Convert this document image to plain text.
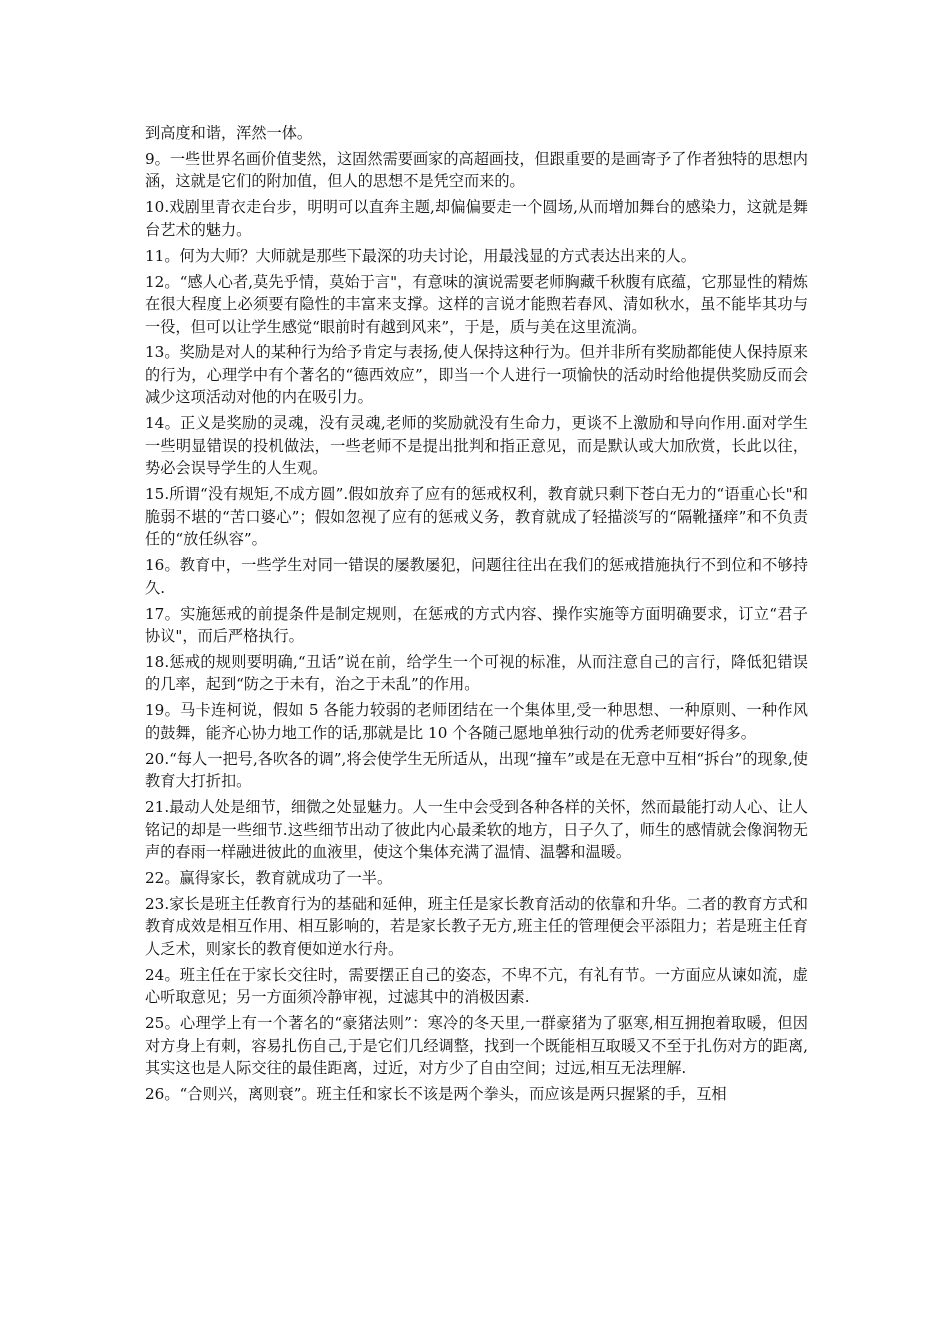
到高度和谐，浑然一体。

9。一些世界名画价值斐然，这固然需要画家的高超画技，但跟重要的是画寄予了作者独特的思想内涵，这就是它们的附加值，但人的思想不是凭空而来的。

10.戏剧里青衣走台步，明明可以直奔主题,却偏偏要走一个圆场,从而增加舞台的感染力，这就是舞台艺术的魅力。

11。何为大师？大师就是那些下最深的功夫讨论，用最浅显的方式表达出来的人。

12。“感人心者,莫先乎情，莫始于言"，有意味的演说需要老师胸藏千秋腹有底蕴，它那显性的精炼在很大程度上必须要有隐性的丰富来支撑。这样的言说才能煦若春风、清如秋水，虽不能毕其功与一役，但可以让学生感觉“眼前时有越到风来”，于是，质与美在这里流淌。

13。奖励是对人的某种行为给予肯定与表扬,使人保持这种行为。但并非所有奖励都能使人保持原来的行为，心理学中有个著名的“德西效应”，即当一个人进行一项愉快的活动时给他提供奖励反而会减少这项活动对他的内在吸引力。

14。正义是奖励的灵魂，没有灵魂,老师的奖励就没有生命力，更谈不上激励和导向作用.面对学生一些明显错误的投机做法，一些老师不是提出批判和指正意见，而是默认或大加欣赏，长此以往，势必会误导学生的人生观。

15.所谓“没有规矩,不成方圆”.假如放弃了应有的惩戒权利，教育就只剩下苍白无力的“语重心长"和脆弱不堪的“苦口婆心”；假如忽视了应有的惩戒义务，教育就成了轻描淡写的“隔靴搔痒”和不负责任的“放任纵容”。

16。教育中，一些学生对同一错误的屡教屡犯，问题往往出在我们的惩戒措施执行不到位和不够持久.

17。实施惩戒的前提条件是制定规则，在惩戒的方式内容、操作实施等方面明确要求，订立“君子协议"，而后严格执行。

18.惩戒的规则要明确,“丑话”说在前，给学生一个可视的标准，从而注意自己的言行，降低犯错误的几率，起到“防之于未有，治之于未乱”的作用。

19。马卡连柯说，假如 5 各能力较弱的老师团结在一个集体里,受一种思想、一种原则、一种作风的鼓舞，能齐心协力地工作的话,那就是比 10 个各随己愿地单独行动的优秀老师要好得多。

20.“每人一把号,各吹各的调”,将会使学生无所适从，出现“撞车”或是在无意中互相“拆台”的现象,使教育大打折扣。

21.最动人处是细节，细微之处显魅力。人一生中会受到各种各样的关怀，然而最能打动人心、让人铭记的却是一些细节.这些细节出动了彼此内心最柔软的地方，日子久了，师生的感情就会像润物无声的春雨一样融进彼此的血液里，使这个集体充满了温情、温馨和温暖。

22。赢得家长，教育就成功了一半。

23.家长是班主任教育行为的基础和延伸，班主任是家长教育活动的依靠和升华。二者的教育方式和教育成效是相互作用、相互影响的，若是家长教子无方,班主任的管理便会平添阻力；若是班主任育人乏术，则家长的教育便如逆水行舟。

24。班主任在于家长交往时，需要摆正自己的姿态，不卑不亢，有礼有节。一方面应从谏如流，虚心听取意见；另一方面须冷静审视，过滤其中的消极因素.

25。心理学上有一个著名的“豪猪法则”：寒冷的冬天里,一群豪猪为了驱寒,相互拥抱着取暖，但因对方身上有刺，容易扎伤自己,于是它们几经调整，找到一个既能相互取暖又不至于扎伤对方的距离,其实这也是人际交往的最佳距离，过近，对方少了自由空间；过远,相互无法理解.

26。“合则兴，离则衰”。班主任和家长不该是两个拳头，而应该是两只握紧的手，互相
